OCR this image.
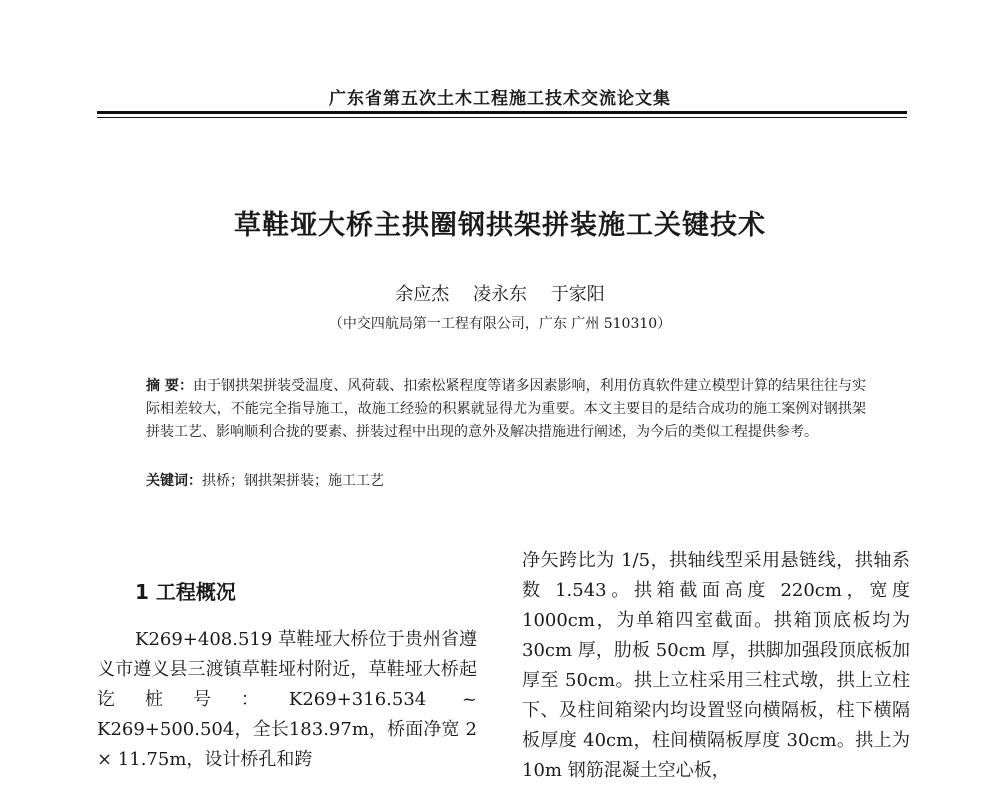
广东省第五次土木工程施工技术交流论文集
草鞋垭大桥主拱圈钢拱架拼装施工关键技术
余应杰 凌永东 于家阳
（中交四航局第一工程有限公司，广东 广州 510310）
摘 要：由于钢拱架拼装受温度、风荷载、扣索松紧程度等诸多因素影响，利用仿真软件建立模型计算的结果往往与实际相差较大，不能完全指导施工，故施工经验的积累就显得尤为重要。本文主要目的是结合成功的施工案例对钢拱架拼装工艺、影响顺利合拢的要素、拼装过程中出现的意外及解决措施进行阐述，为今后的类似工程提供参考。
关键词：拱桥；钢拱架拼装；施工工艺
1 工程概况

K269+408.519 草鞋垭大桥位于贵州省遵义市遵义县三渡镇草鞋垭村附近，草鞋垭大桥起讫桩号：K269+316.534 ~ K269+500.504，全长183.97m，桥面净宽 2 × 11.75m，设计桥孔和跨

净矢跨比为 1/5，拱轴线型采用悬链线，拱轴系数 1.543。拱箱截面高度 220cm，宽度 1000cm，为单箱四室截面。拱箱顶底板均为 30cm 厚，肋板 50cm 厚，拱脚加强段顶底板加厚至 50cm。拱上立柱采用三柱式墩，拱上立柱下、及柱间箱梁内均设置竖向横隔板，柱下横隔板厚度 40cm，柱间横隔板厚度 30cm。拱上为 10m 钢筋混凝土空心板，
